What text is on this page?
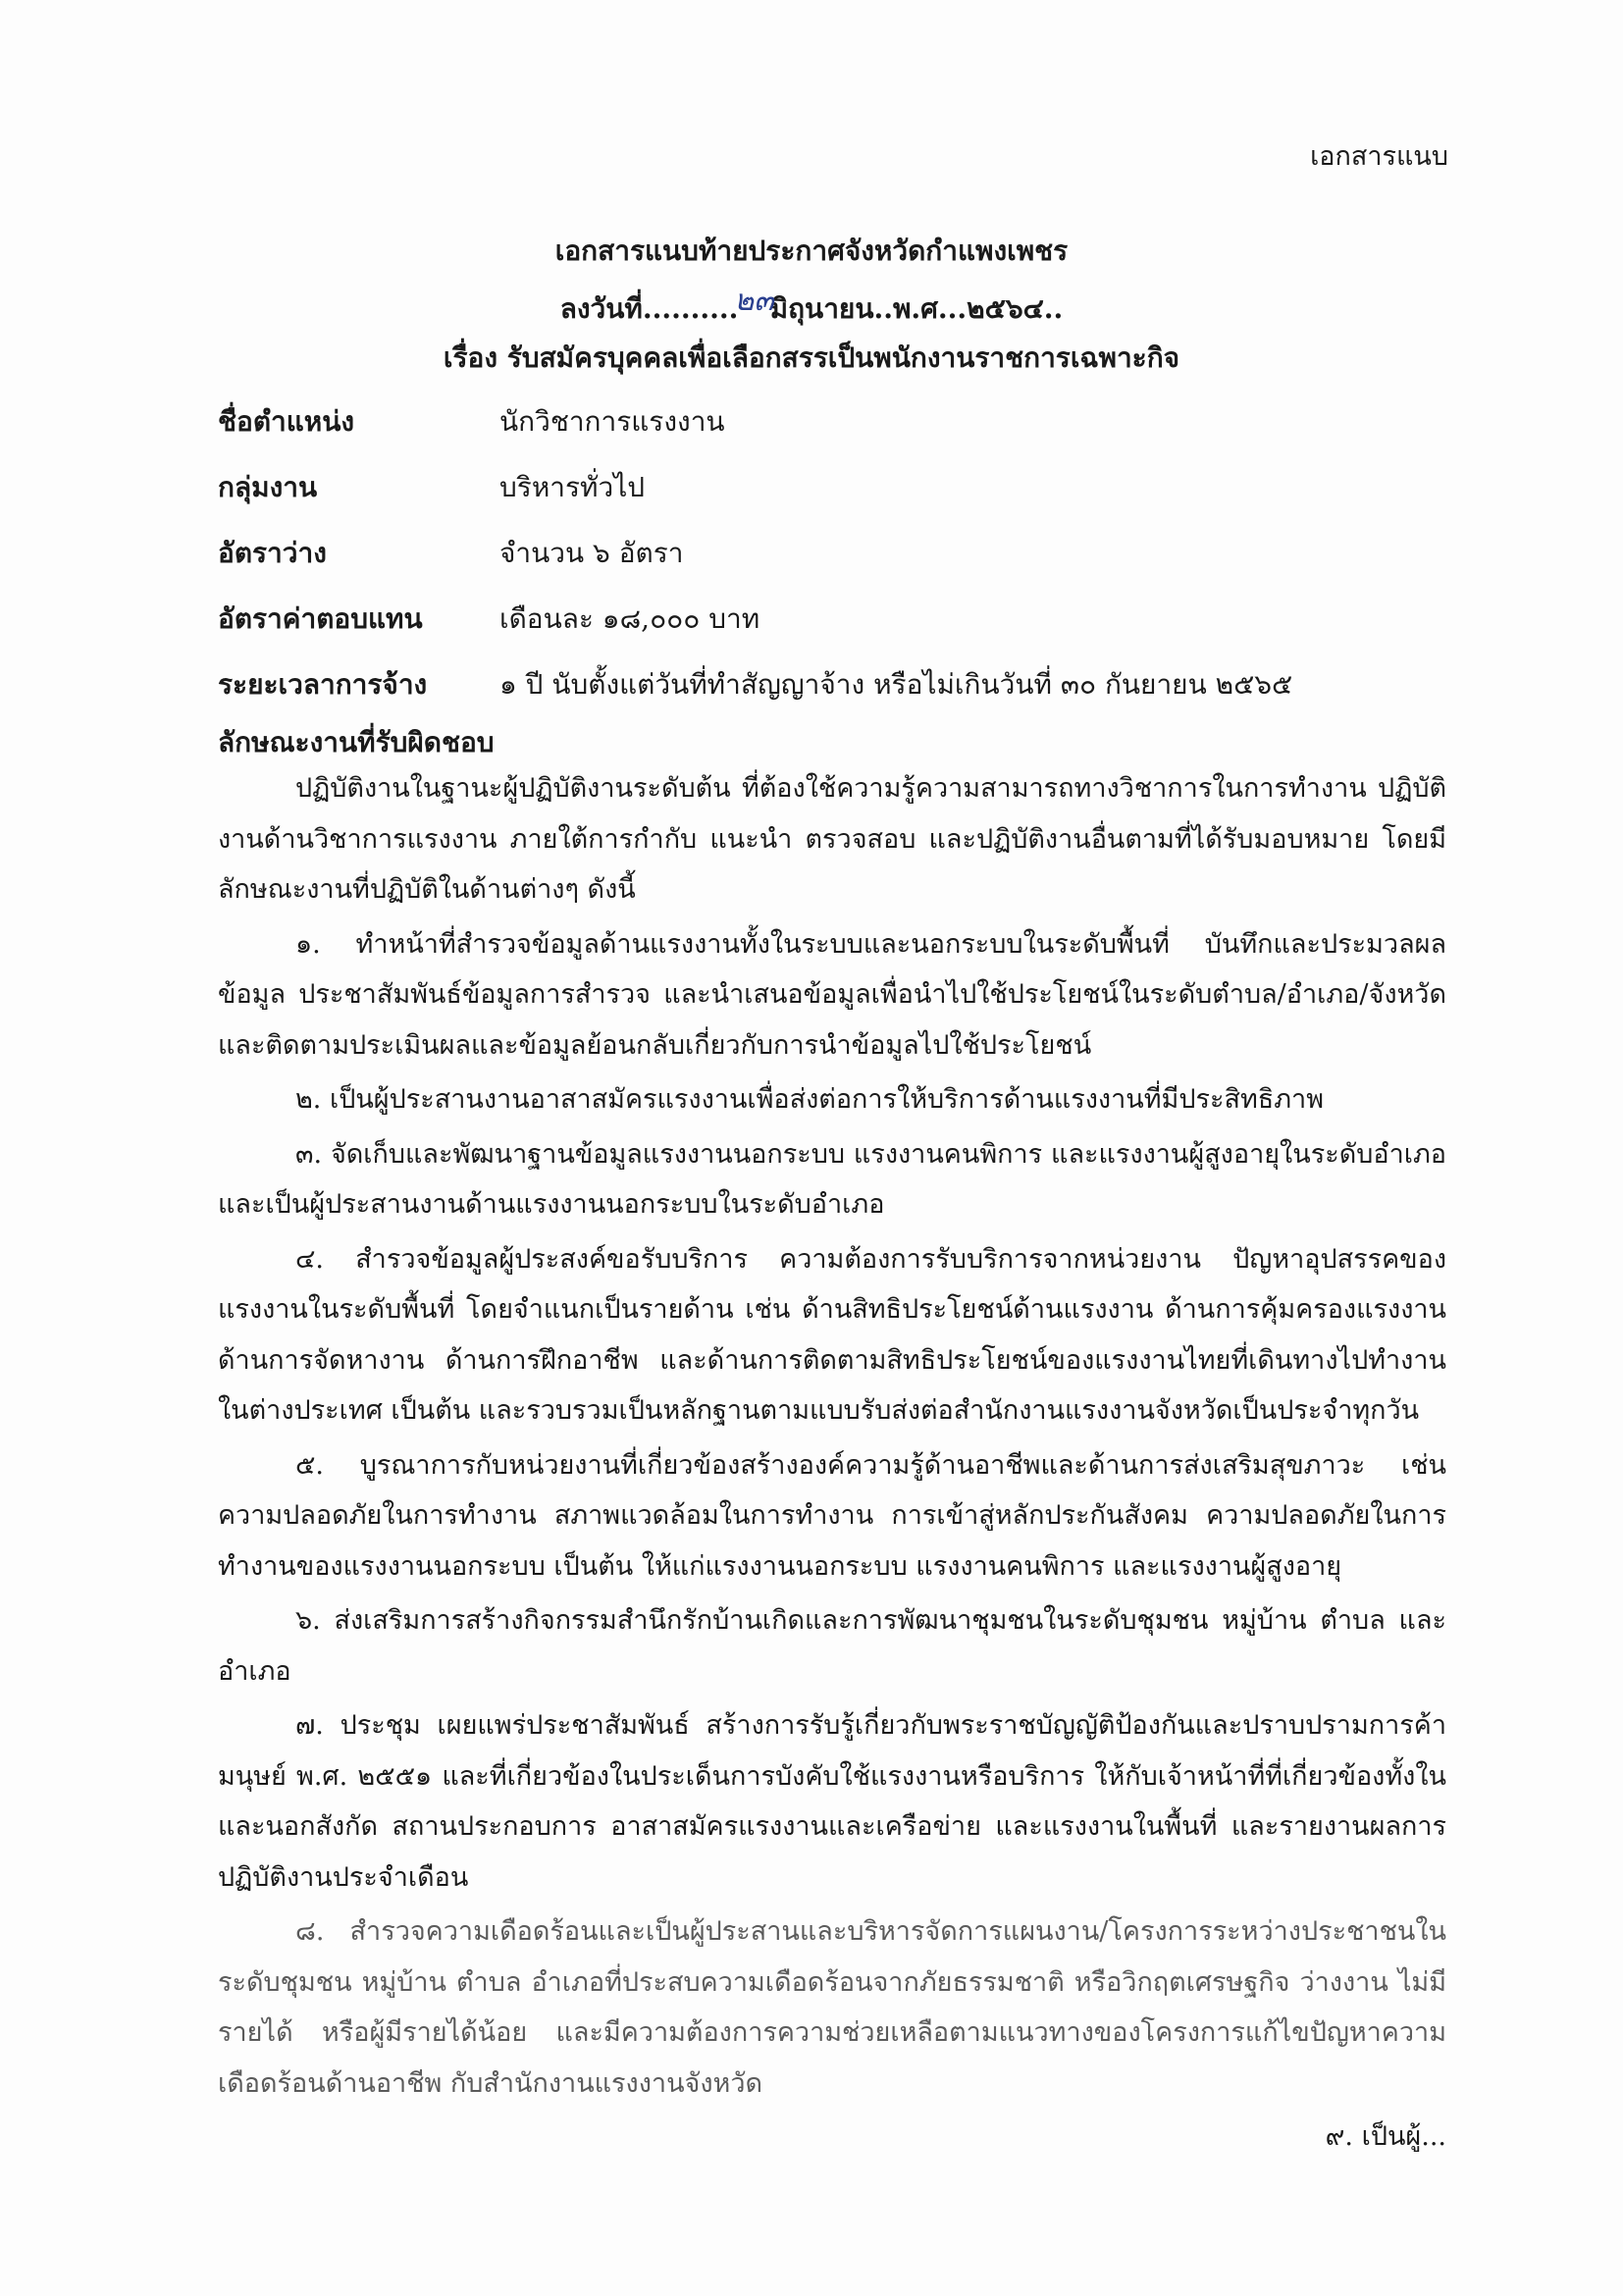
เอกสารแนบ
เอกสารแนบท้ายประกาศจังหวัดกำแพงเพชร
ลงวันที่..........๒๓มิถุนายน..พ.ศ...๒๕๖๔..
เรื่อง รับสมัครบุคคลเพื่อเลือกสรรเป็นพนักงานราชการเฉพาะกิจ
ชื่อตำแหน่ง	นักวิชาการแรงงาน
กลุ่มงาน	บริหารทั่วไป
อัตราว่าง	จำนวน ๖ อัตรา
อัตราค่าตอบแทน	เดือนละ ๑๘,๐๐๐ บาท
ระยะเวลาการจ้าง	๑ ปี นับตั้งแต่วันที่ทำสัญญาจ้าง หรือไม่เกินวันที่ ๓๐ กันยายน ๒๕๖๕
ลักษณะงานที่รับผิดชอบ

ปฏิบัติงานในฐานะผู้ปฏิบัติงานระดับต้น ที่ต้องใช้ความรู้ความสามารถทางวิชาการในการทำงาน ปฏิบัติงานด้านวิชาการแรงงาน ภายใต้การกำกับ แนะนำ ตรวจสอบ และปฏิบัติงานอื่นตามที่ได้รับมอบหมาย โดยมีลักษณะงานที่ปฏิบัติในด้านต่างๆ ดังนี้

๑. ทำหน้าที่สำรวจข้อมูลด้านแรงงานทั้งในระบบและนอกระบบในระดับพื้นที่ บันทึกและประมวลผลข้อมูล ประชาสัมพันธ์ข้อมูลการสำรวจ และนำเสนอข้อมูลเพื่อนำไปใช้ประโยชน์ในระดับตำบล/อำเภอ/จังหวัด และติดตามประเมินผลและข้อมูลย้อนกลับเกี่ยวกับการนำข้อมูลไปใช้ประโยชน์

๒. เป็นผู้ประสานงานอาสาสมัครแรงงานเพื่อส่งต่อการให้บริการด้านแรงงานที่มีประสิทธิภาพ

๓. จัดเก็บและพัฒนาฐานข้อมูลแรงงานนอกระบบ แรงงานคนพิการ และแรงงานผู้สูงอายุในระดับอำเภอ และเป็นผู้ประสานงานด้านแรงงานนอกระบบในระดับอำเภอ

๔. สำรวจข้อมูลผู้ประสงค์ขอรับบริการ ความต้องการรับบริการจากหน่วยงาน ปัญหาอุปสรรคของแรงงานในระดับพื้นที่ โดยจำแนกเป็นรายด้าน เช่น ด้านสิทธิประโยชน์ด้านแรงงาน ด้านการคุ้มครองแรงงาน ด้านการจัดหางาน ด้านการฝึกอาชีพ และด้านการติดตามสิทธิประโยชน์ของแรงงานไทยที่เดินทางไปทำงานในต่างประเทศ เป็นต้น และรวบรวมเป็นหลักฐานตามแบบรับส่งต่อสำนักงานแรงงานจังหวัดเป็นประจำทุกวัน

๕. บูรณาการกับหน่วยงานที่เกี่ยวข้องสร้างองค์ความรู้ด้านอาชีพและด้านการส่งเสริมสุขภาวะ เช่น ความปลอดภัยในการทำงาน สภาพแวดล้อมในการทำงาน การเข้าสู่หลักประกันสังคม ความปลอดภัยในการทำงานของแรงงานนอกระบบ เป็นต้น ให้แก่แรงงานนอกระบบ แรงงานคนพิการ และแรงงานผู้สูงอายุ

๖. ส่งเสริมการสร้างกิจกรรมสำนึกรักบ้านเกิดและการพัฒนาชุมชนในระดับชุมชน หมู่บ้าน ตำบล และอำเภอ

๗. ประชุม เผยแพร่ประชาสัมพันธ์ สร้างการรับรู้เกี่ยวกับพระราชบัญญัติป้องกันและปราบปรามการค้ามนุษย์ พ.ศ. ๒๕๕๑ และที่เกี่ยวข้องในประเด็นการบังคับใช้แรงงานหรือบริการ ให้กับเจ้าหน้าที่ที่เกี่ยวข้องทั้งในและนอกสังกัด สถานประกอบการ อาสาสมัครแรงงานและเครือข่าย และแรงงานในพื้นที่ และรายงานผลการปฏิบัติงานประจำเดือน

๘. สำรวจความเดือดร้อนและเป็นผู้ประสานและบริหารจัดการแผนงาน/โครงการระหว่างประชาชนในระดับชุมชน หมู่บ้าน ตำบล อำเภอที่ประสบความเดือดร้อนจากภัยธรรมชาติ หรือวิกฤตเศรษฐกิจ ว่างงาน ไม่มีรายได้ หรือผู้มีรายได้น้อย และมีความต้องการความช่วยเหลือตามแนวทางของโครงการแก้ไขปัญหาความเดือดร้อนด้านอาชีพ กับสำนักงานแรงงานจังหวัด

๙. เป็นผู้...
